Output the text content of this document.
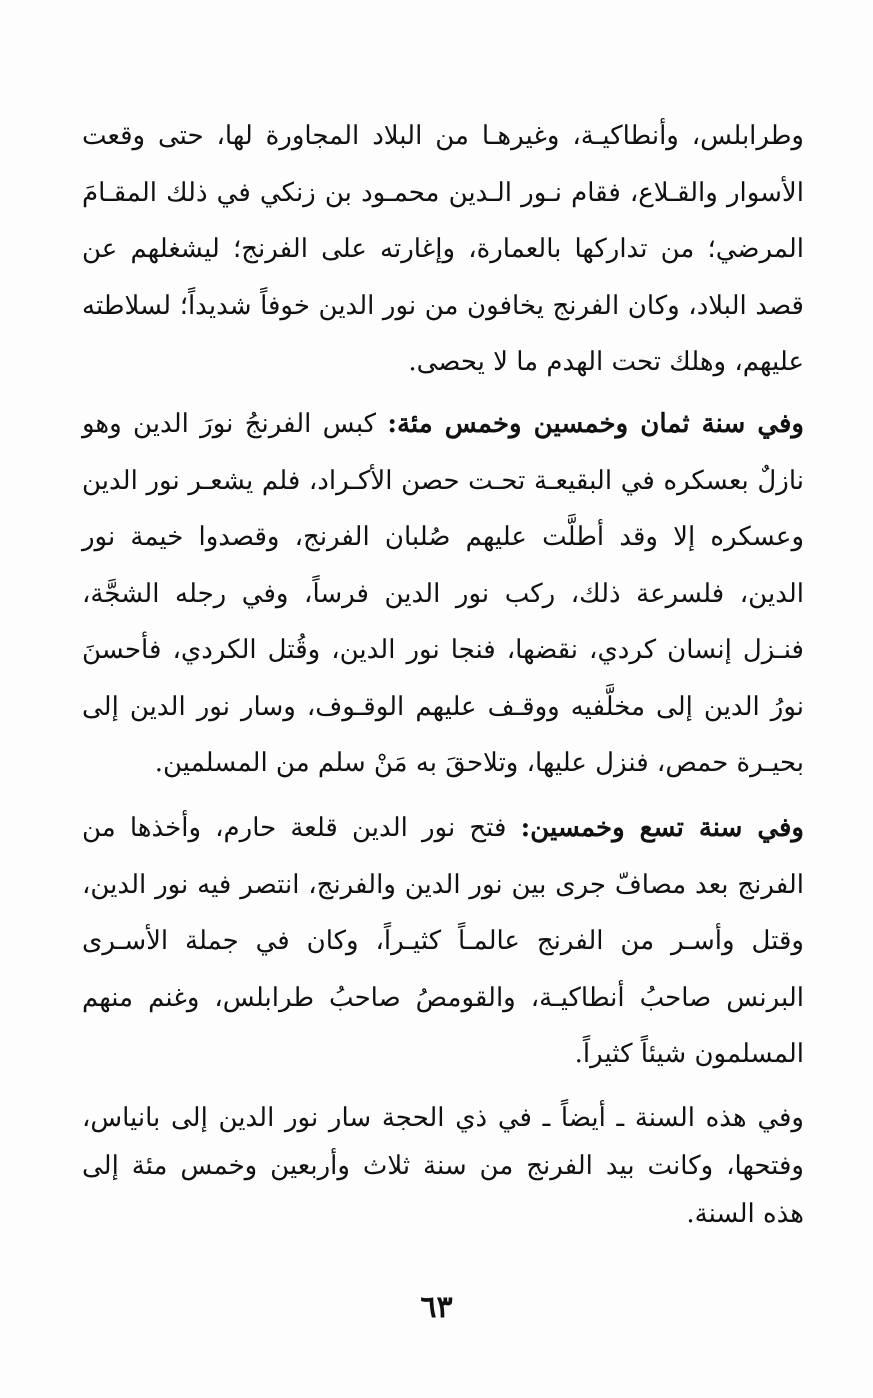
وطرابلس، وأنطاكيـة، وغيرهـا من البلاد المجاورة لها، حتى وقعت الأسوار والقـلاع، فقام نـور الـدين محمـود بن زنكي في ذلك المقـامَ المرضي؛ من تداركها بالعمارة، وإغارته على الفرنج؛ ليشغلهم عن قصد البلاد، وكان الفرنج يخافون من نور الدين خوفاً شديداً؛ لسلاطته عليهم، وهلك تحت الهدم ما لا يحصى.

وفي سنة ثمان وخمسين وخمس مئة: كبس الفرنجُ نورَ الدين وهو نازلٌ بعسكره في البقيعـة تحـت حصن الأكـراد، فلم يشعـر نور الدين وعسكره إلا وقد أطلَّت عليهم صُلبان الفرنج، وقصدوا خيمة نور الدين، فلسرعة ذلك، ركب نور الدين فرساً، وفي رجله الشجَّة، فنـزل إنسان كردي، نقضها، فنجا نور الدين، وقُتل الكردي، فأحسنَ نورُ الدين إلى مخلَّفيه ووقـف عليهم الوقـوف، وسار نور الدين إلى بحيـرة حمص، فنزل عليها، وتلاحقَ به مَنْ سلم من المسلمين.

وفي سنة تسع وخمسين: فتح نور الدين قلعة حارم، وأخذها من الفرنج بعد مصافّ جرى بين نور الدين والفرنج، انتصر فيه نور الدين، وقتل وأسـر من الفرنج عالمـاً كثيـراً، وكان في جملة الأسـرى البرنس صاحبُ أنطاكيـة، والقومصُ صاحبُ طرابلس، وغنم منهم المسلمون شيئاً كثيراً.

وفي هذه السنة ـ أيضاً ـ في ذي الحجة سار نور الدين إلى بانياس، وفتحها، وكانت بيد الفرنج من سنة ثلاث وأربعين وخمس مئة إلى هذه السنة.

٦٣
